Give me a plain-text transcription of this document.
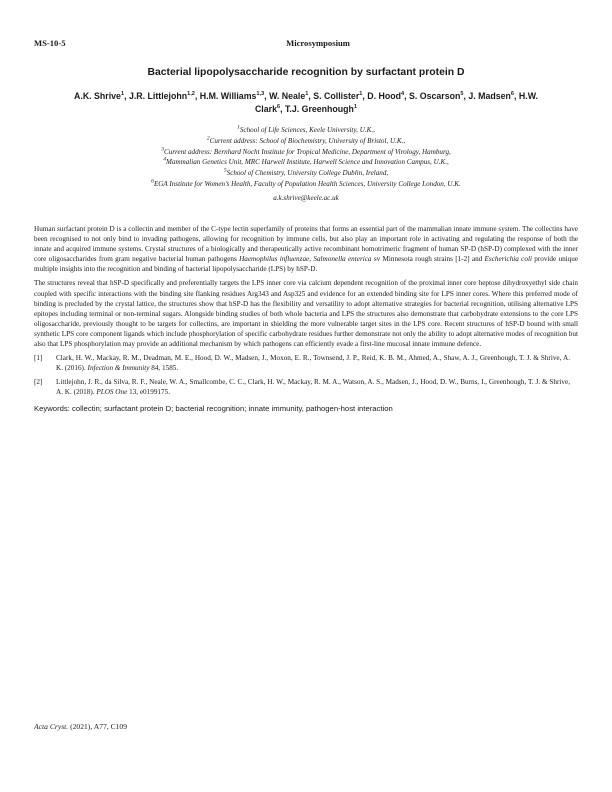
MS-10-5	Microsymposium
Bacterial lipopolysaccharide recognition by surfactant protein D
A.K. Shrive$^1$, J.R. Littlejohn$^{1,2}$, H.M. Williams$^{1,3}$, W. Neale$^1$, S. Collister$^1$, D. Hood$^4$, S. Oscarson$^5$, J. Madsen$^6$, H.W. Clark$^6$, T.J. Greenhough$^1$
$^1$School of Life Sciences, Keele University, U.K.,
$^2$Current address: School of Biochemistry, University of Bristol, U.K.,
$^3$Current address: Bernhard Nocht Institute for Tropical Medicine, Department of Virology, Hamburg,
$^4$Mammalian Genetics Unit, MRC Harwell Institute, Harwell Science and Innovation Campus, U.K.,
$^5$School of Chemistry, University College Dublin, Ireland,
$^6$EGA Institute for Women’s Health, Faculty of Population Health Sciences, University College London, U.K.
a.k.shrive@keele.ac.uk

Human surfactant protein D is a collectin and member of the C-type lectin superfamily of proteins that forms an essential part of the mammalian innate immune system. The collectins have been recognised to not only bind to invading pathogens, allowing for recognition by immune cells, but also play an important role in activating and regulating the response of both the innate and acquired immune systems. Crystal structures of a biologically and therapeutically active recombinant homotrimeric fragment of human SP-D (hSP-D) complexed with the inner core oligosaccharides from gram negative bacterial human pathogens Haemophilus influenzae, Salmonella enterica sv Minnesota rough strains [1-2] and Escherichia coli provide unique multiple insights into the recognition and binding of bacterial lipopolysaccharide (LPS) by hSP-D.

The structures reveal that hSP-D specifically and preferentially targets the LPS inner core via calcium dependent recognition of the proximal inner core heptose dihydroxyethyl side chain coupled with specific interactions with the binding site flanking residues Arg343 and Asp325 and evidence for an extended binding site for LPS inner cores. Where this preferred mode of binding is precluded by the crystal lattice, the structures show that hSP-D has the flexibility and versatility to adopt alternative strategies for bacterial recognition, utilising alternative LPS epitopes including terminal or non-terminal sugars. Alongside binding studies of both whole bacteria and LPS the structures also demonstrate that carbohydrate extensions to the core LPS oligosaccharide, previously thought to be targets for collectins, are important in shielding the more vulnerable target sites in the LPS core. Recent structures of hSP-D bound with small synthetic LPS core component ligands which include phosphorylation of specific carbohydrate residues further demonstrate not only the ability to adopt alternative modes of recognition but also that LPS phosphorylation may provide an additional mechanism by which pathogens can efficiently evade a first-line mucosal innate immune defence.

[1]	Clark, H. W., Mackay, R. M., Deadman, M. E., Hood, D. W., Madsen, J., Moxon, E. R., Townsend, J. P., Reid, K. B. M., Ahmed, A., Shaw, A. J., Greenhough, T. J. & Shrive, A. K. (2016). Infection & Immunity 84, 1585.
[2]	Littlejohn, J. R., da Silva, R. F., Neale, W. A., Smallcombe, C. C., Clark, H. W., Mackay, R. M. A., Watson, A. S., Madsen, J., Hood, D. W., Burns, I., Greenhough, T. J. & Shrive, A. K. (2018). PLOS One 13, e0199175.
Keywords: collectin; surfactant protein D; bacterial recognition; innate immunity, pathogen-host interaction
Acta Cryst. (2021), A77, C109
